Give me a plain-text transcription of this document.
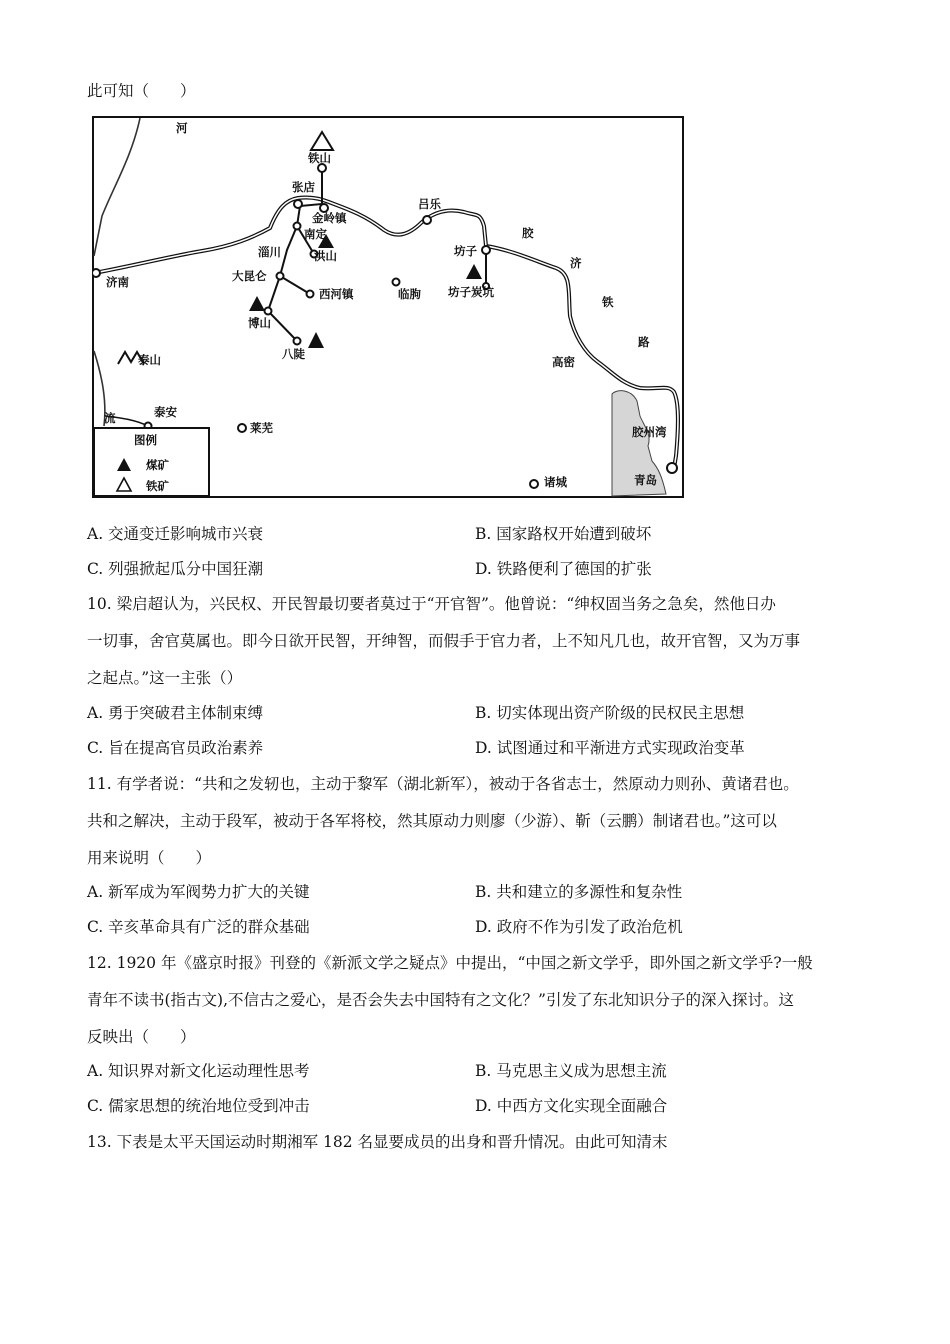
此可知（　　）
河
铁山
张店
金岭镇
吕乐
胶
济
铁
路
淄川
南定
洪山	坊子
济南	大昆仑
西河镇	临朐 坊子炭坑
博山
八陡
泰山	高密
流	泰安
莱芜	胶州湾
诸城	青岛
图例
煤矿
铁矿
A. 交通变迁影响城市兴衰	B. 国家路权开始遭到破坏
C. 列强掀起瓜分中国狂潮	D. 铁路便利了德国的扩张
10. 梁启超认为，兴民权、开民智最切要者莫过于“开官智”。他曾说：“绅权固当务之急矣，然他日办
一切事，舍官莫属也。即今日欲开民智，开绅智，而假手于官力者，上不知凡几也，故开官智，又为万事
之起点。”这一主张（）
A. 勇于突破君主体制束缚	B. 切实体现出资产阶级的民权民主思想
C. 旨在提高官员政治素养	D. 试图通过和平渐进方式实现政治变革
11. 有学者说：“共和之发轫也，主动于黎军（湖北新军），被动于各省志士，然原动力则孙、黄诸君也。
共和之解决，主动于段军，被动于各军将校，然其原动力则廖（少游）、靳（云鹏）制诸君也。”这可以
用来说明（　　）
A. 新军成为军阀势力扩大的关键	B. 共和建立的多源性和复杂性
C. 辛亥革命具有广泛的群众基础	D. 政府不作为引发了政治危机
12. 1920 年《盛京时报》刊登的《新派文学之疑点》中提出，“中国之新文学乎，即外国之新文学乎?一般
青年不读书(指古文),不信古之爱心，是否会失去中国特有之文化？”引发了东北知识分子的深入探讨。这
反映出（　　）
A. 知识界对新文化运动理性思考	B. 马克思主义成为思想主流
C. 儒家思想的统治地位受到冲击	D. 中西方文化实现全面融合
13. 下表是太平天国运动时期湘军 182 名显要成员的出身和晋升情况。由此可知清末
